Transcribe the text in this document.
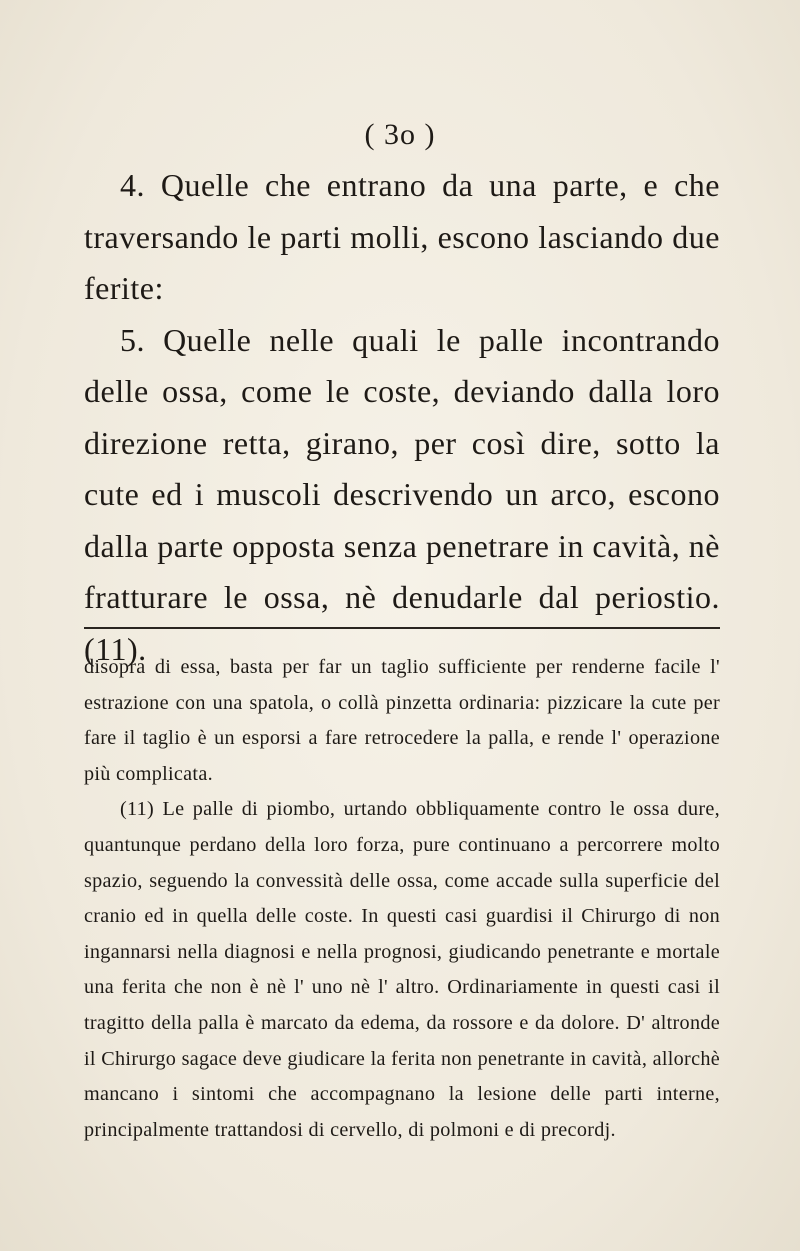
( 3o )

4. Quelle che entrano da una parte, e che traversando le parti molli, escono lasciando due ferite:

5. Quelle nelle quali le palle incontrando delle ossa, come le coste, deviando dalla loro direzione retta, girano, per così dire, sotto la cute ed i muscoli descrivendo un arco, escono dalla parte opposta senza penetrare in cavità, nè fratturare le ossa, nè denudarle dal periostio. (11).

disopra di essa, basta per far un taglio sufficiente per renderne facile l' estrazione con una spatola, o collà pinzetta ordinaria: pizzicare la cute per fare il taglio è un esporsi a fare retrocedere la palla, e rende l' operazione più complicata.

(11) Le palle di piombo, urtando obbliquamente contro le ossa dure, quantunque perdano della loro forza, pure continuano a percorrere molto spazio, seguendo la convessità delle ossa, come accade sulla superficie del cranio ed in quella delle coste. In questi casi guardisi il Chirurgo di non ingannarsi nella diagnosi e nella prognosi, giudicando penetrante e mortale una ferita che non è nè l' uno nè l' altro. Ordinariamente in questi casi il tragitto della palla è marcato da edema, da rossore e da dolore. D' altronde il Chirurgo sagace deve giudicare la ferita non penetrante in cavità, allorchè mancano i sintomi che accompagnano la lesione delle parti interne, principalmente trattandosi di cervello, di polmoni e di precordj.
